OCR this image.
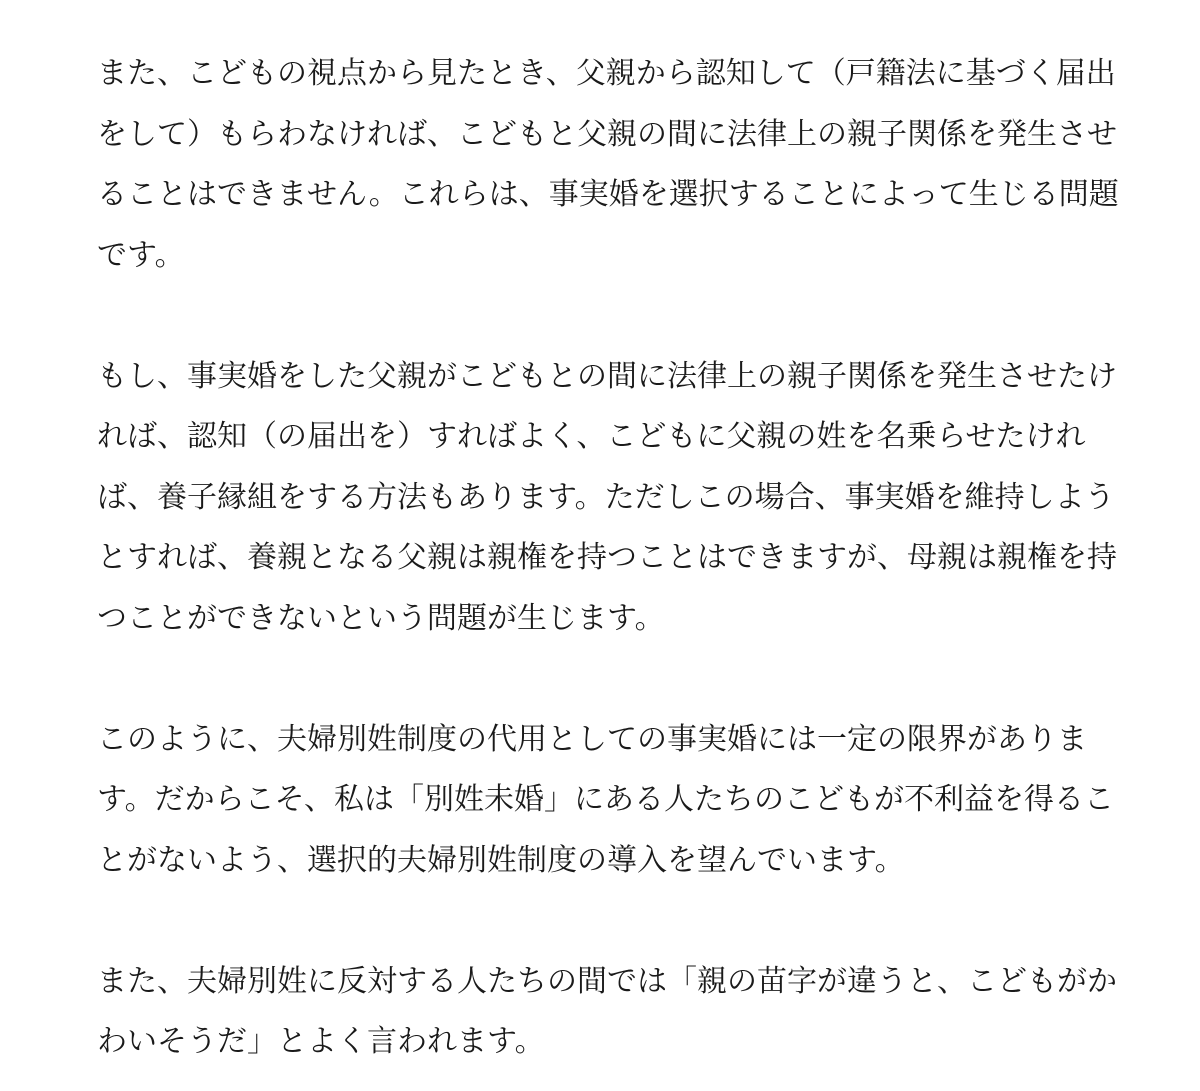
また、こどもの視点から見たとき、父親から認知して（戸籍法に基づく届出
をして）もらわなければ、こどもと父親の間に法律上の親子関係を発生させ
ることはできません。これらは、事実婚を選択することによって生じる問題
です。

もし、事実婚をした父親がこどもとの間に法律上の親子関係を発生させたけ
れば、認知（の届出を）すればよく、こどもに父親の姓を名乗らせたけれ
ば、養子縁組をする方法もあります。ただしこの場合、事実婚を維持しよう
とすれば、養親となる父親は親権を持つことはできますが、母親は親権を持
つことができないという問題が生じます。

このように、夫婦別姓制度の代用としての事実婚には一定の限界がありま
す。だからこそ、私は「別姓未婚」にある人たちのこどもが不利益を得るこ
とがないよう、選択的夫婦別姓制度の導入を望んでいます。

また、夫婦別姓に反対する人たちの間では「親の苗字が違うと、こどもがか
わいそうだ」とよく言われます。
